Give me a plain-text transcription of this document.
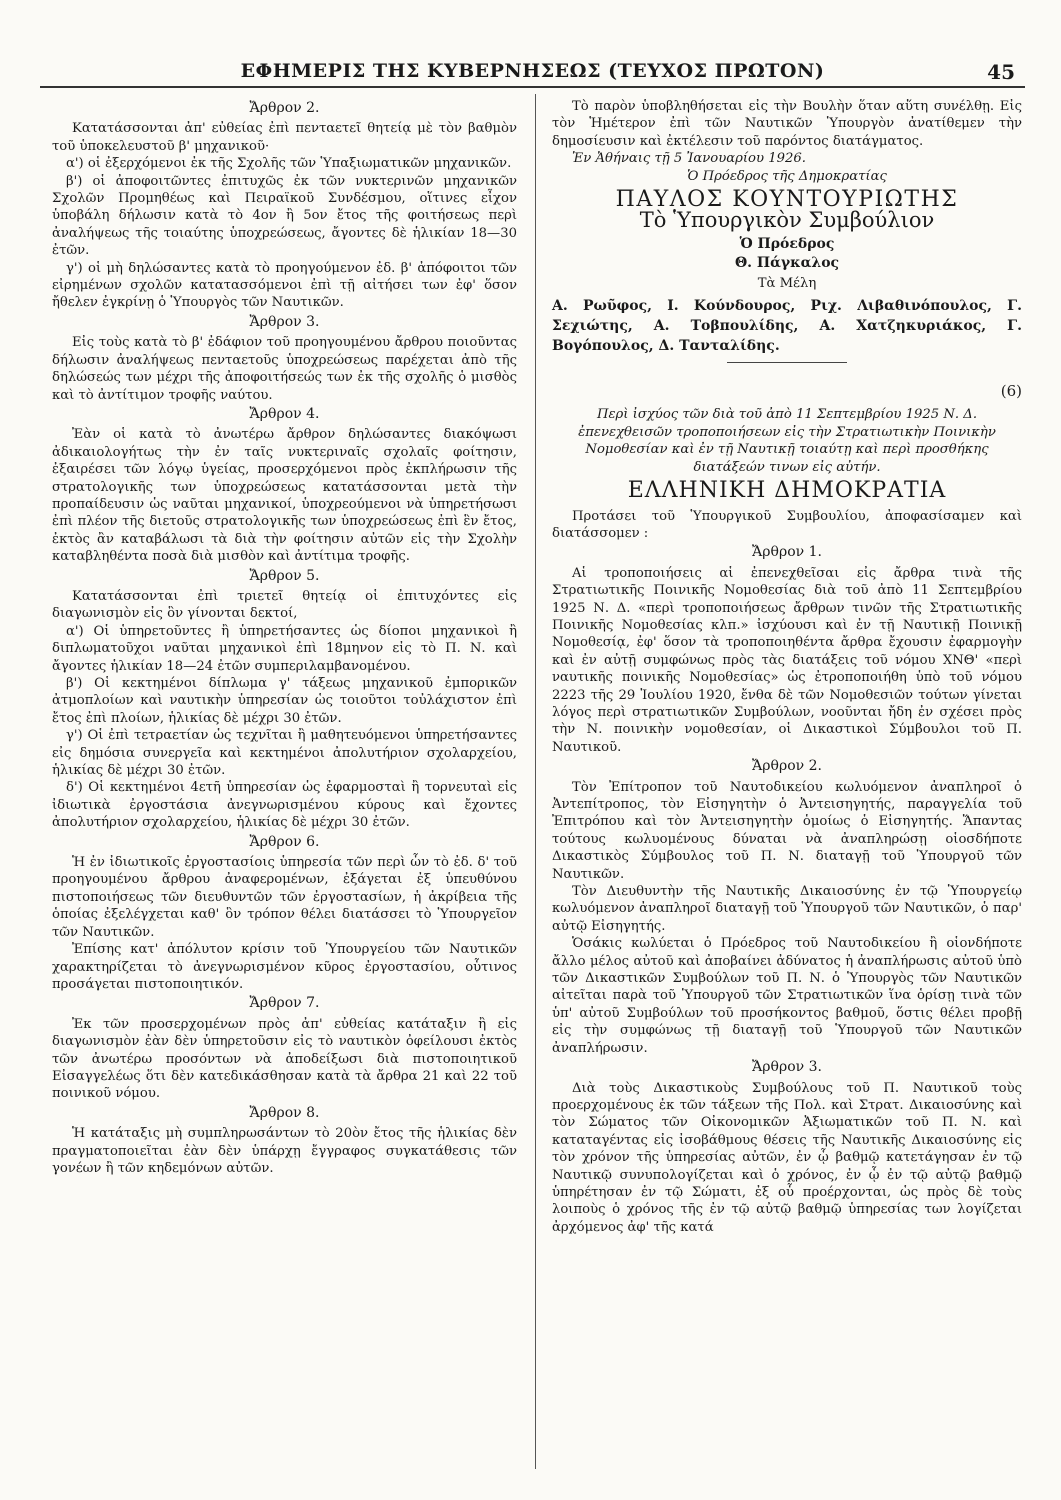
ΕΦΗΜΕΡΙΣ ΤΗΣ ΚΥΒΕΡΝΗΣΕΩΣ (ΤΕΥΧΟΣ ΠΡΩΤΟΝ)	45

Ἄρθρον 2.

Κατατάσσονται ἀπ' εὐθείας ἐπὶ πενταετεῖ θητείᾳ μὲ τὸν βαθμὸν τοῦ ὑποκελευστοῦ β' μηχανικοῦ·

α') οἱ ἐξερχόμενοι ἐκ τῆς Σχολῆς τῶν Ὑπαξιωματικῶν μηχανικῶν.

β') οἱ ἀποφοιτῶντες ἐπιτυχῶς ἐκ τῶν νυκτερινῶν μηχανικῶν Σχολῶν Προμηθέως καὶ Πειραϊκοῦ Συνδέσμου, οἵτινες εἶχον ὑποβάλη δήλωσιν κατὰ τὸ 4ον ἢ 5ον ἔτος τῆς φοιτήσεως περὶ ἀναλήψεως τῆς τοιαύτης ὑποχρεώσεως, ἄγοντες δὲ ἡλικίαν 18—30 ἐτῶν.

γ') οἱ μὴ δηλώσαντες κατὰ τὸ προηγούμενον ἐδ. β' ἀπόφοιτοι τῶν εἰρημένων σχολῶν κατατασσόμενοι ἐπὶ τῇ αἰτήσει των ἐφ' ὅσον ἤθελεν ἐγκρίνῃ ὁ Ὑπουργὸς τῶν Ναυτικῶν.

Ἄρθρον 3.

Εἰς τοὺς κατὰ τὸ β' ἐδάφιον τοῦ προηγουμένου ἄρθρου ποιοῦντας δήλωσιν ἀναλήψεως πενταετοῦς ὑποχρεώσεως παρέχεται ἀπὸ τῆς δηλώσεώς των μέχρι τῆς ἀποφοιτήσεώς των ἐκ τῆς σχολῆς ὁ μισθὸς καὶ τὸ ἀντίτιμον τροφῆς ναύτου.

Ἄρθρον 4.

Ἐὰν οἱ κατὰ τὸ ἀνωτέρω ἄρθρον δηλώσαντες διακόψωσι ἀδικαιολογήτως τὴν ἐν ταῖς νυκτεριναῖς σχολαῖς φοίτησιν, ἐξαιρέσει τῶν λόγῳ ὑγείας, προσερχόμενοι πρὸς ἐκπλήρωσιν τῆς στρατολογικῆς των ὑποχρεώσεως κατατάσσονται μετὰ τὴν προπαίδευσιν ὡς ναῦται μηχανικοί, ὑποχρεούμενοι νὰ ὑπηρετήσωσι ἐπὶ πλέον τῆς διετοῦς στρατολογικῆς των ὑποχρεώσεως ἐπὶ ἓν ἔτος, ἐκτὸς ἂν καταβάλωσι τὰ διὰ τὴν φοίτησιν αὐτῶν εἰς τὴν Σχολὴν καταβληθέντα ποσὰ διὰ μισθὸν καὶ ἀντίτιμα τροφῆς.

Ἄρθρον 5.

Κατατάσσονται ἐπὶ τριετεῖ θητείᾳ οἱ ἐπιτυχόντες εἰς διαγωνισμὸν εἰς ὃν γίνονται δεκτοί,

α') Οἱ ὑπηρετοῦντες ἢ ὑπηρετήσαντες ὡς δίοποι μηχανικοὶ ἢ διπλωματοῦχοι ναῦται μηχανικοὶ ἐπὶ 18μηνον εἰς τὸ Π. Ν. καὶ ἄγοντες ἡλικίαν 18—24 ἐτῶν συμπεριλαμβανομένου.

β') Οἱ κεκτημένοι δίπλωμα γ' τάξεως μηχανικοῦ ἐμπορικῶν ἀτμοπλοίων καὶ ναυτικὴν ὑπηρεσίαν ὡς τοιοῦτοι τοὐλάχιστον ἐπὶ ἔτος ἐπὶ πλοίων, ἡλικίας δὲ μέχρι 30 ἐτῶν.

γ') Οἱ ἐπὶ τετραετίαν ὡς τεχνῖται ἢ μαθητευόμενοι ὑπηρετήσαντες εἰς δημόσια συνεργεῖα καὶ κεκτημένοι ἀπολυτήριον σχολαρχείου, ἡλικίας δὲ μέχρι 30 ἐτῶν.

δ') Οἱ κεκτημένοι 4ετῆ ὑπηρεσίαν ὡς ἐφαρμοσταὶ ἢ τορνευταὶ εἰς ἰδιωτικὰ ἐργοστάσια ἀνεγνωρισμένου κύρους καὶ ἔχοντες ἀπολυτήριον σχολαρχείου, ἡλικίας δὲ μέχρι 30 ἐτῶν.

Ἄρθρον 6.

Ἡ ἐν ἰδιωτικοῖς ἐργοστασίοις ὑπηρεσία τῶν περὶ ὧν τὸ ἐδ. δ' τοῦ προηγουμένου ἄρθρου ἀναφερομένων, ἐξάγεται ἐξ ὑπευθύνου πιστοποιήσεως τῶν διευθυντῶν τῶν ἐργοστασίων, ἡ ἀκρίβεια τῆς ὁποίας ἐξελέγχεται καθ' ὃν τρόπον θέλει διατάσσει τὸ Ὑπουργεῖον τῶν Ναυτικῶν.

Ἐπίσης κατ' ἀπόλυτον κρίσιν τοῦ Ὑπουργείου τῶν Ναυτικῶν χαρακτηρίζεται τὸ ἀνεγνωρισμένον κῦρος ἐργοστασίου, οὗτινος προσάγεται πιστοποιητικόν.

Ἄρθρον 7.

Ἐκ τῶν προσερχομένων πρὸς ἀπ' εὐθείας κατάταξιν ἢ εἰς διαγωνισμὸν ἐὰν δὲν ὑπηρετοῦσιν εἰς τὸ ναυτικὸν ὀφείλουσι ἐκτὸς τῶν ἀνωτέρω προσόντων νὰ ἀποδείξωσι διὰ πιστοποιητικοῦ Εἰσαγγελέως ὅτι δὲν κατεδικάσθησαν κατὰ τὰ ἄρθρα 21 καὶ 22 τοῦ ποινικοῦ νόμου.

Ἄρθρον 8.

Ἡ κατάταξις μὴ συμπληρωσάντων τὸ 20ὸν ἔτος τῆς ἡλικίας δὲν πραγματοποιεῖται ἐὰν δὲν ὑπάρχῃ ἔγγραφος συγκατάθεσις τῶν γονέων ἢ τῶν κηδεμόνων αὐτῶν.

Τὸ παρὸν ὑποβληθήσεται εἰς τὴν Βουλὴν ὅταν αὕτη συνέλθῃ. Εἰς τὸν Ἡμέτερον ἐπὶ τῶν Ναυτικῶν Ὑπουργὸν ἀνατίθεμεν τὴν δημοσίευσιν καὶ ἐκτέλεσιν τοῦ παρόντος διατάγματος.

Ἐν Ἀθήναις τῇ 5 Ἰανουαρίου 1926.

Ὁ Πρόεδρος τῆς Δημοκρατίας

ΠΑΥΛΟΣ ΚΟΥΝΤΟΥΡΙΩΤΗΣ

Τὸ Ὑπουργικὸν Συμβούλιον

Ὁ Πρόεδρος

Θ. Πάγκαλος

Τὰ Μέλη

Α. Ρωῦφος, Ι. Κούνδουρος, Ριχ. Λιβαθινόπουλος, Γ. Σεχιώτης, Α. Τοβπουλίδης, Α. Χατζηκυριάκος, Γ. Βογόπουλος, Δ. Τανταλίδης.

(6)

Περὶ ἰσχύος τῶν διὰ τοῦ ἀπὸ 11 Σεπτεμβρίου 1925 Ν. Δ. ἐπενεχθεισῶν τροποποιήσεων εἰς τὴν Στρατιωτικὴν Ποινικὴν Νομοθεσίαν καὶ ἐν τῇ Ναυτικῇ τοιαύτῃ καὶ περὶ προσθήκης διατάξεών τινων εἰς αὐτήν.

ΕΛΛΗΝΙΚΗ ΔΗΜΟΚΡΑΤΙΑ

Προτάσει τοῦ Ὑπουργικοῦ Συμβουλίου, ἀποφασίσαμεν καὶ διατάσσομεν :

Ἄρθρον 1.

Αἱ τροποποιήσεις αἱ ἐπενεχθεῖσαι εἰς ἄρθρα τινὰ τῆς Στρατιωτικῆς Ποινικῆς Νομοθεσίας διὰ τοῦ ἀπὸ 11 Σεπτεμβρίου 1925 Ν. Δ. «περὶ τροποποιήσεως ἄρθρων τινῶν τῆς Στρατιωτικῆς Ποινικῆς Νομοθεσίας κλπ.» ἰσχύουσι καὶ ἐν τῇ Ναυτικῇ Ποινικῇ Νομοθεσίᾳ, ἐφ' ὅσον τὰ τροποποιηθέντα ἄρθρα ἔχουσιν ἐφαρμογὴν καὶ ἐν αὐτῇ συμφώνως πρὸς τὰς διατάξεις τοῦ νόμου ΧΝΘ' «περὶ ναυτικῆς ποινικῆς Νομοθεσίας» ὡς ἐτροποποιήθη ὑπὸ τοῦ νόμου 2223 τῆς 29 Ἰουλίου 1920, ἔνθα δὲ τῶν Νομοθεσιῶν τούτων γίνεται λόγος περὶ στρατιωτικῶν Συμβούλων, νοοῦνται ἤδη ἐν σχέσει πρὸς τὴν Ν. ποινικὴν νομοθεσίαν, οἱ Δικαστικοὶ Σύμβουλοι τοῦ Π. Ναυτικοῦ.

Ἄρθρον 2.

Τὸν Ἐπίτροπον τοῦ Ναυτοδικείου κωλυόμενον ἀναπληροῖ ὁ Ἀντεπίτροπος, τὸν Εἰσηγητὴν ὁ Ἀντεισηγητής, παραγγελία τοῦ Ἐπιτρόπου καὶ τὸν Ἀντεισηγητὴν ὁμοίως ὁ Εἰσηγητής. Ἅπαντας τούτους κωλυομένους δύναται νὰ ἀναπληρώσῃ οἱοσδήποτε Δικαστικὸς Σύμβουλος τοῦ Π. Ν. διαταγῇ τοῦ Ὑπουργοῦ τῶν Ναυτικῶν.

Τὸν Διευθυντὴν τῆς Ναυτικῆς Δικαιοσύνης ἐν τῷ Ὑπουργείῳ κωλυόμενον ἀναπληροῖ διαταγῇ τοῦ Ὑπουργοῦ τῶν Ναυτικῶν, ὁ παρ' αὐτῷ Εἰσηγητής.

Ὁσάκις κωλύεται ὁ Πρόεδρος τοῦ Ναυτοδικείου ἢ οἱονδήποτε ἄλλο μέλος αὐτοῦ καὶ ἀποβαίνει ἀδύνατος ἡ ἀναπλήρωσις αὐτοῦ ὑπὸ τῶν Δικαστικῶν Συμβούλων τοῦ Π. Ν. ὁ Ὑπουργὸς τῶν Ναυτικῶν αἰτεῖται παρὰ τοῦ Ὑπουργοῦ τῶν Στρατιωτικῶν ἵνα ὁρίσῃ τινὰ τῶν ὑπ' αὐτοῦ Συμβούλων τοῦ προσήκοντος βαθμοῦ, ὅστις θέλει προβῇ εἰς τὴν συμφώνως τῇ διαταγῇ τοῦ Ὑπουργοῦ τῶν Ναυτικῶν ἀναπλήρωσιν.

Ἄρθρον 3.

Διὰ τοὺς Δικαστικοὺς Συμβούλους τοῦ Π. Ναυτικοῦ τοὺς προερχομένους ἐκ τῶν τάξεων τῆς Πολ. καὶ Στρατ. Δικαιοσύνης καὶ τὸν Σώματος τῶν Οἰκονομικῶν Ἀξιωματικῶν τοῦ Π. Ν. καὶ καταταγέντας εἰς ἰσοβάθμους θέσεις τῆς Ναυτικῆς Δικαιοσύνης εἰς τὸν χρόνον τῆς ὑπηρεσίας αὐτῶν, ἐν ᾧ βαθμῷ κατετάγησαν ἐν τῷ Ναυτικῷ συνυπολογίζεται καὶ ὁ χρόνος, ἐν ᾧ ἐν τῷ αὐτῷ βαθμῷ ὑπηρέτησαν ἐν τῷ Σώματι, ἐξ οὗ προέρχονται, ὡς πρὸς δὲ τοὺς λοιποὺς ὁ χρόνος τῆς ἐν τῷ αὐτῷ βαθμῷ ὑπηρεσίας των λογίζεται ἀρχόμενος ἀφ' τῆς κατά
